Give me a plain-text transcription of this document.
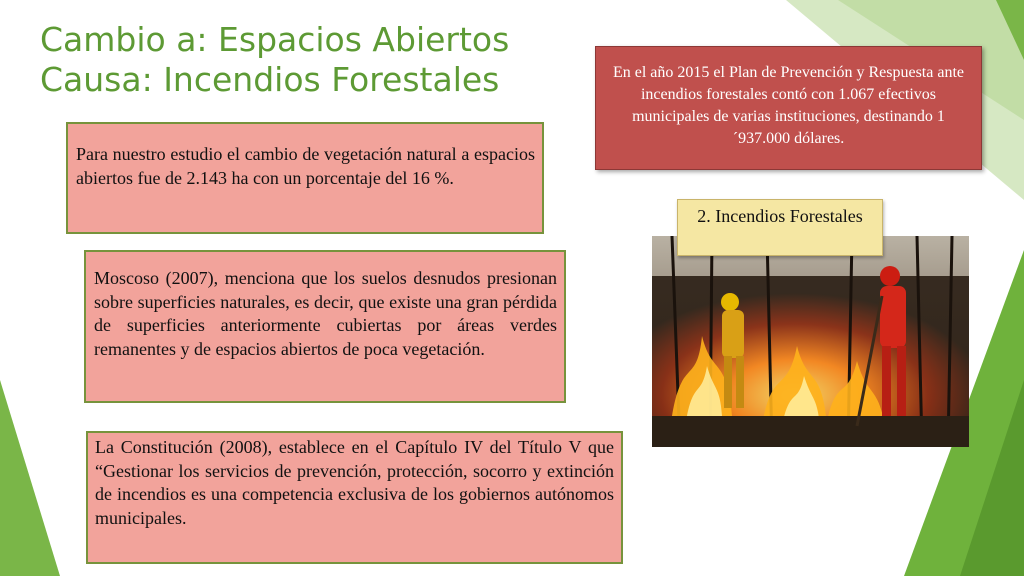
Cambio a: Espacios Abiertos
Causa: Incendios Forestales
Para nuestro estudio el cambio de vegetación natural a espacios abiertos fue de 2.143 ha con un porcentaje del 16 %.
Moscoso (2007), menciona que los suelos desnudos presionan sobre superficies naturales, es decir, que existe una gran pérdida de superficies anteriormente cubiertas por áreas verdes remanentes y de espacios abiertos de poca vegetación.
La Constitución (2008), establece en el Capítulo IV del Título V que “Gestionar los servicios de prevención, protección, socorro y extinción de incendios es una competencia exclusiva de los gobiernos autónomos municipales.
En el año 2015 el Plan de Prevención y Respuesta ante incendios forestales contó con 1.067 efectivos municipales de varias instituciones, destinando 1´937.000 dólares.
2. Incendios Forestales
